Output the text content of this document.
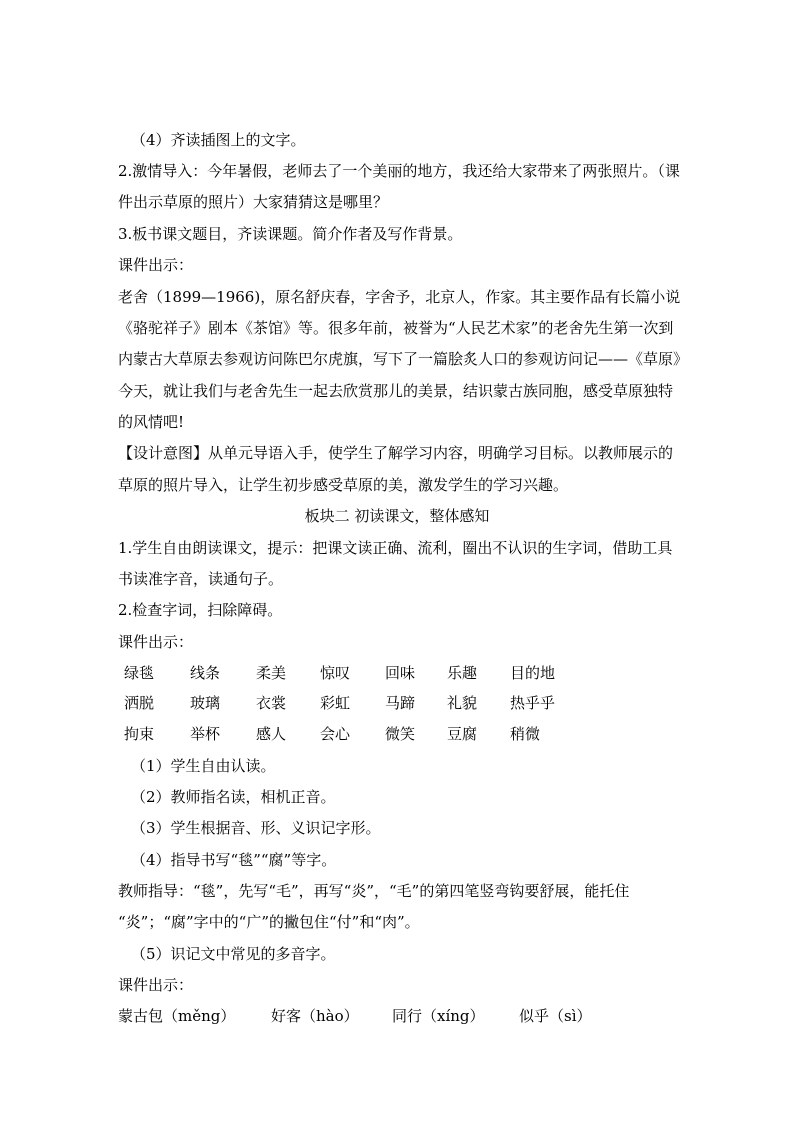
（4）齐读插图上的文字。
2.激情导入：今年暑假，老师去了一个美丽的地方，我还给大家带来了两张照片。（课
件出示草原的照片）大家猜猜这是哪里？
3.板书课文题目，齐读课题。简介作者及写作背景。
课件出示：
老舍（1899—1966)，原名舒庆春，字舍予，北京人，作家。其主要作品有长篇小说
《骆驼祥子》剧本《茶馆》等。很多年前，被誉为“人民艺术家”的老舍先生第一次到
内蒙古大草原去参观访问陈巴尔虎旗，写下了一篇脍炙人口的参观访问记——《草原》
今天，就让我们与老舍先生一起去欣赏那儿的美景，结识蒙古族同胞，感受草原独特
的风情吧!
【设计意图】从单元导语入手，使学生了解学习内容，明确学习目标。以教师展示的
草原的照片导入，让学生初步感受草原的美，激发学生的学习兴趣。
板块二 初读课文，整体感知
1.学生自由朗读课文，提示：把课文读正确、流利，圈出不认识的生字词，借助工具
书读准字音，读通句子。
2.检查字词，扫除障碍。
课件出示：
绿毯 线条 柔美 惊叹 回味 乐趣 目的地
洒脱 玻璃 衣裳 彩虹 马蹄 礼貌 热乎乎
拘束 举杯 感人 会心 微笑 豆腐 稍微
（1）学生自由认读。
（2）教师指名读，相机正音。
（3）学生根据音、形、义识记字形。
（4）指导书写“毯”“腐”等字。
教师指导：“毯”，先写“毛”，再写“炎”，“毛”的第四笔竖弯钩要舒展，能托住
“炎”；“腐”字中的“广”的撇包住“付”和“肉”。
（5）识记文中常见的多音字。
课件出示：
蒙古包（měng） 好客（hào） 同行（xíng） 似乎（sì）
